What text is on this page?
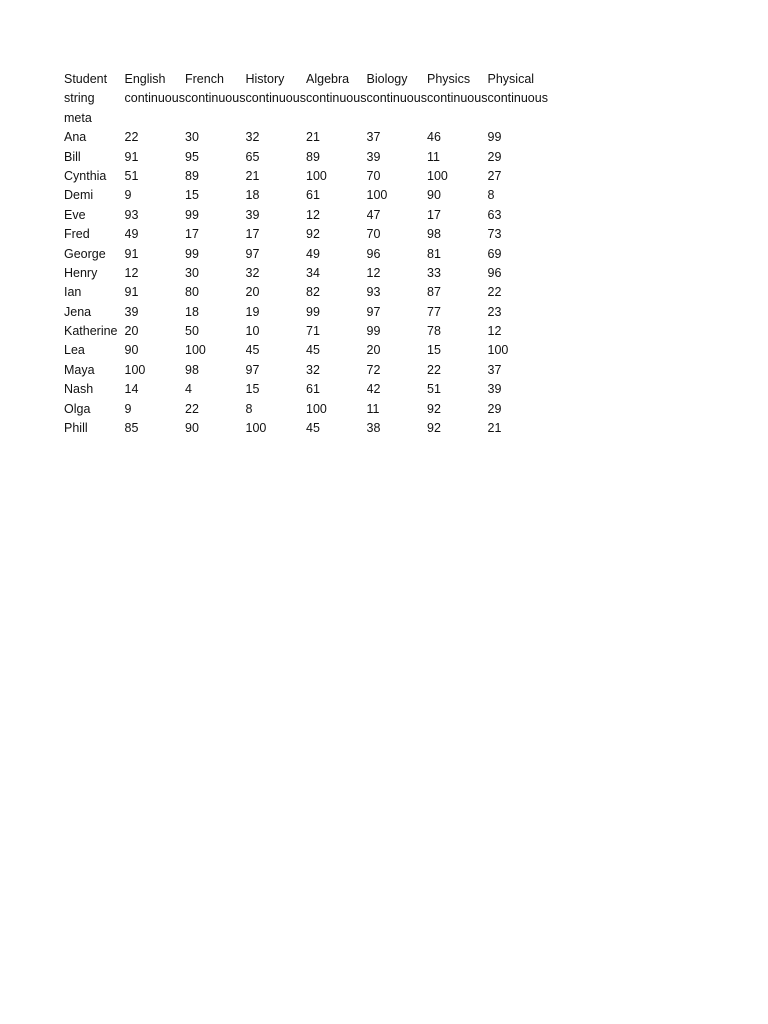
Student	English	French	History	Algebra	Biology	Physics	Physical
string	continuous continuous continuous continuous continuous continuous continuous
meta
Ana	22	30	32	21	37	46	99
Bill	91	95	65	89	39	11	29
Cynthia	51	89	21	100	70	100	27
Demi	9	15	18	61	100	90	8
Eve	93	99	39	12	47	17	63
Fred	49	17	17	92	70	98	73
George	91	99	97	49	96	81	69
Henry	12	30	32	34	12	33	96
Ian	91	80	20	82	93	87	22
Jena	39	18	19	99	97	77	23
Katherine 20	50	10	71	99	78	12
Lea	90	100	45	45	20	15	100
Maya	100	98	97	32	72	22	37
Nash	14	4	15	61	42	51	39
Olga	9	22	8	100	11	92	29
Phill	85	90	100	45	38	92	21
